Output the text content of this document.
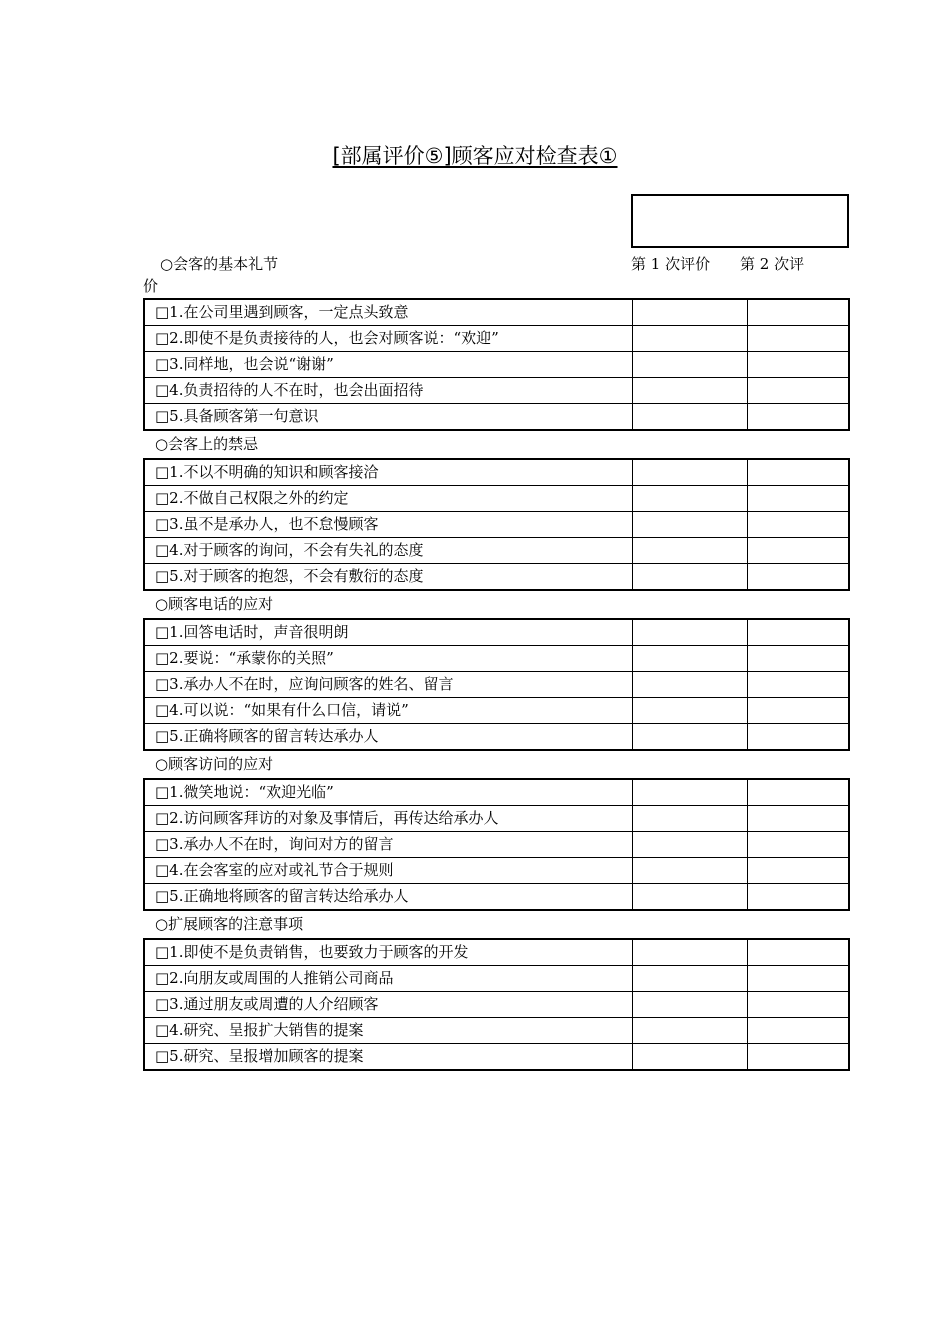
[部属评价⑤]顾客应对检查表①
○会客的基本礼节	第 1 次评价 第 2 次评
价
□1.在公司里遇到顾客，一定点头致意		
□2.即使不是负责接待的人，也会对顾客说：“欢迎”		
□3.同样地，也会说“谢谢”		
□4.负责招待的人不在时，也会出面招待		
□5.具备顾客第一句意识		
○会客上的禁忌
□1.不以不明确的知识和顾客接洽		
□2.不做自己权限之外的约定		
□3.虽不是承办人，也不怠慢顾客		
□4.对于顾客的询问，不会有失礼的态度		
□5.对于顾客的抱怨，不会有敷衍的态度		
○顾客电话的应对
□1.回答电话时，声音很明朗		
□2.要说：“承蒙你的关照”		
□3.承办人不在时，应询问顾客的姓名、留言		
□4.可以说：“如果有什么口信，请说”		
□5.正确将顾客的留言转达承办人		
○顾客访问的应对
□1.微笑地说：“欢迎光临”		
□2.访问顾客拜访的对象及事情后，再传达给承办人		
□3.承办人不在时，询问对方的留言		
□4.在会客室的应对或礼节合于规则		
□5.正确地将顾客的留言转达给承办人		
○扩展顾客的注意事项
□1.即使不是负责销售，也要致力于顾客的开发		
□2.向朋友或周围的人推销公司商品		
□3.通过朋友或周遭的人介绍顾客		
□4.研究、呈报扩大销售的提案		
□5.研究、呈报增加顾客的提案		
